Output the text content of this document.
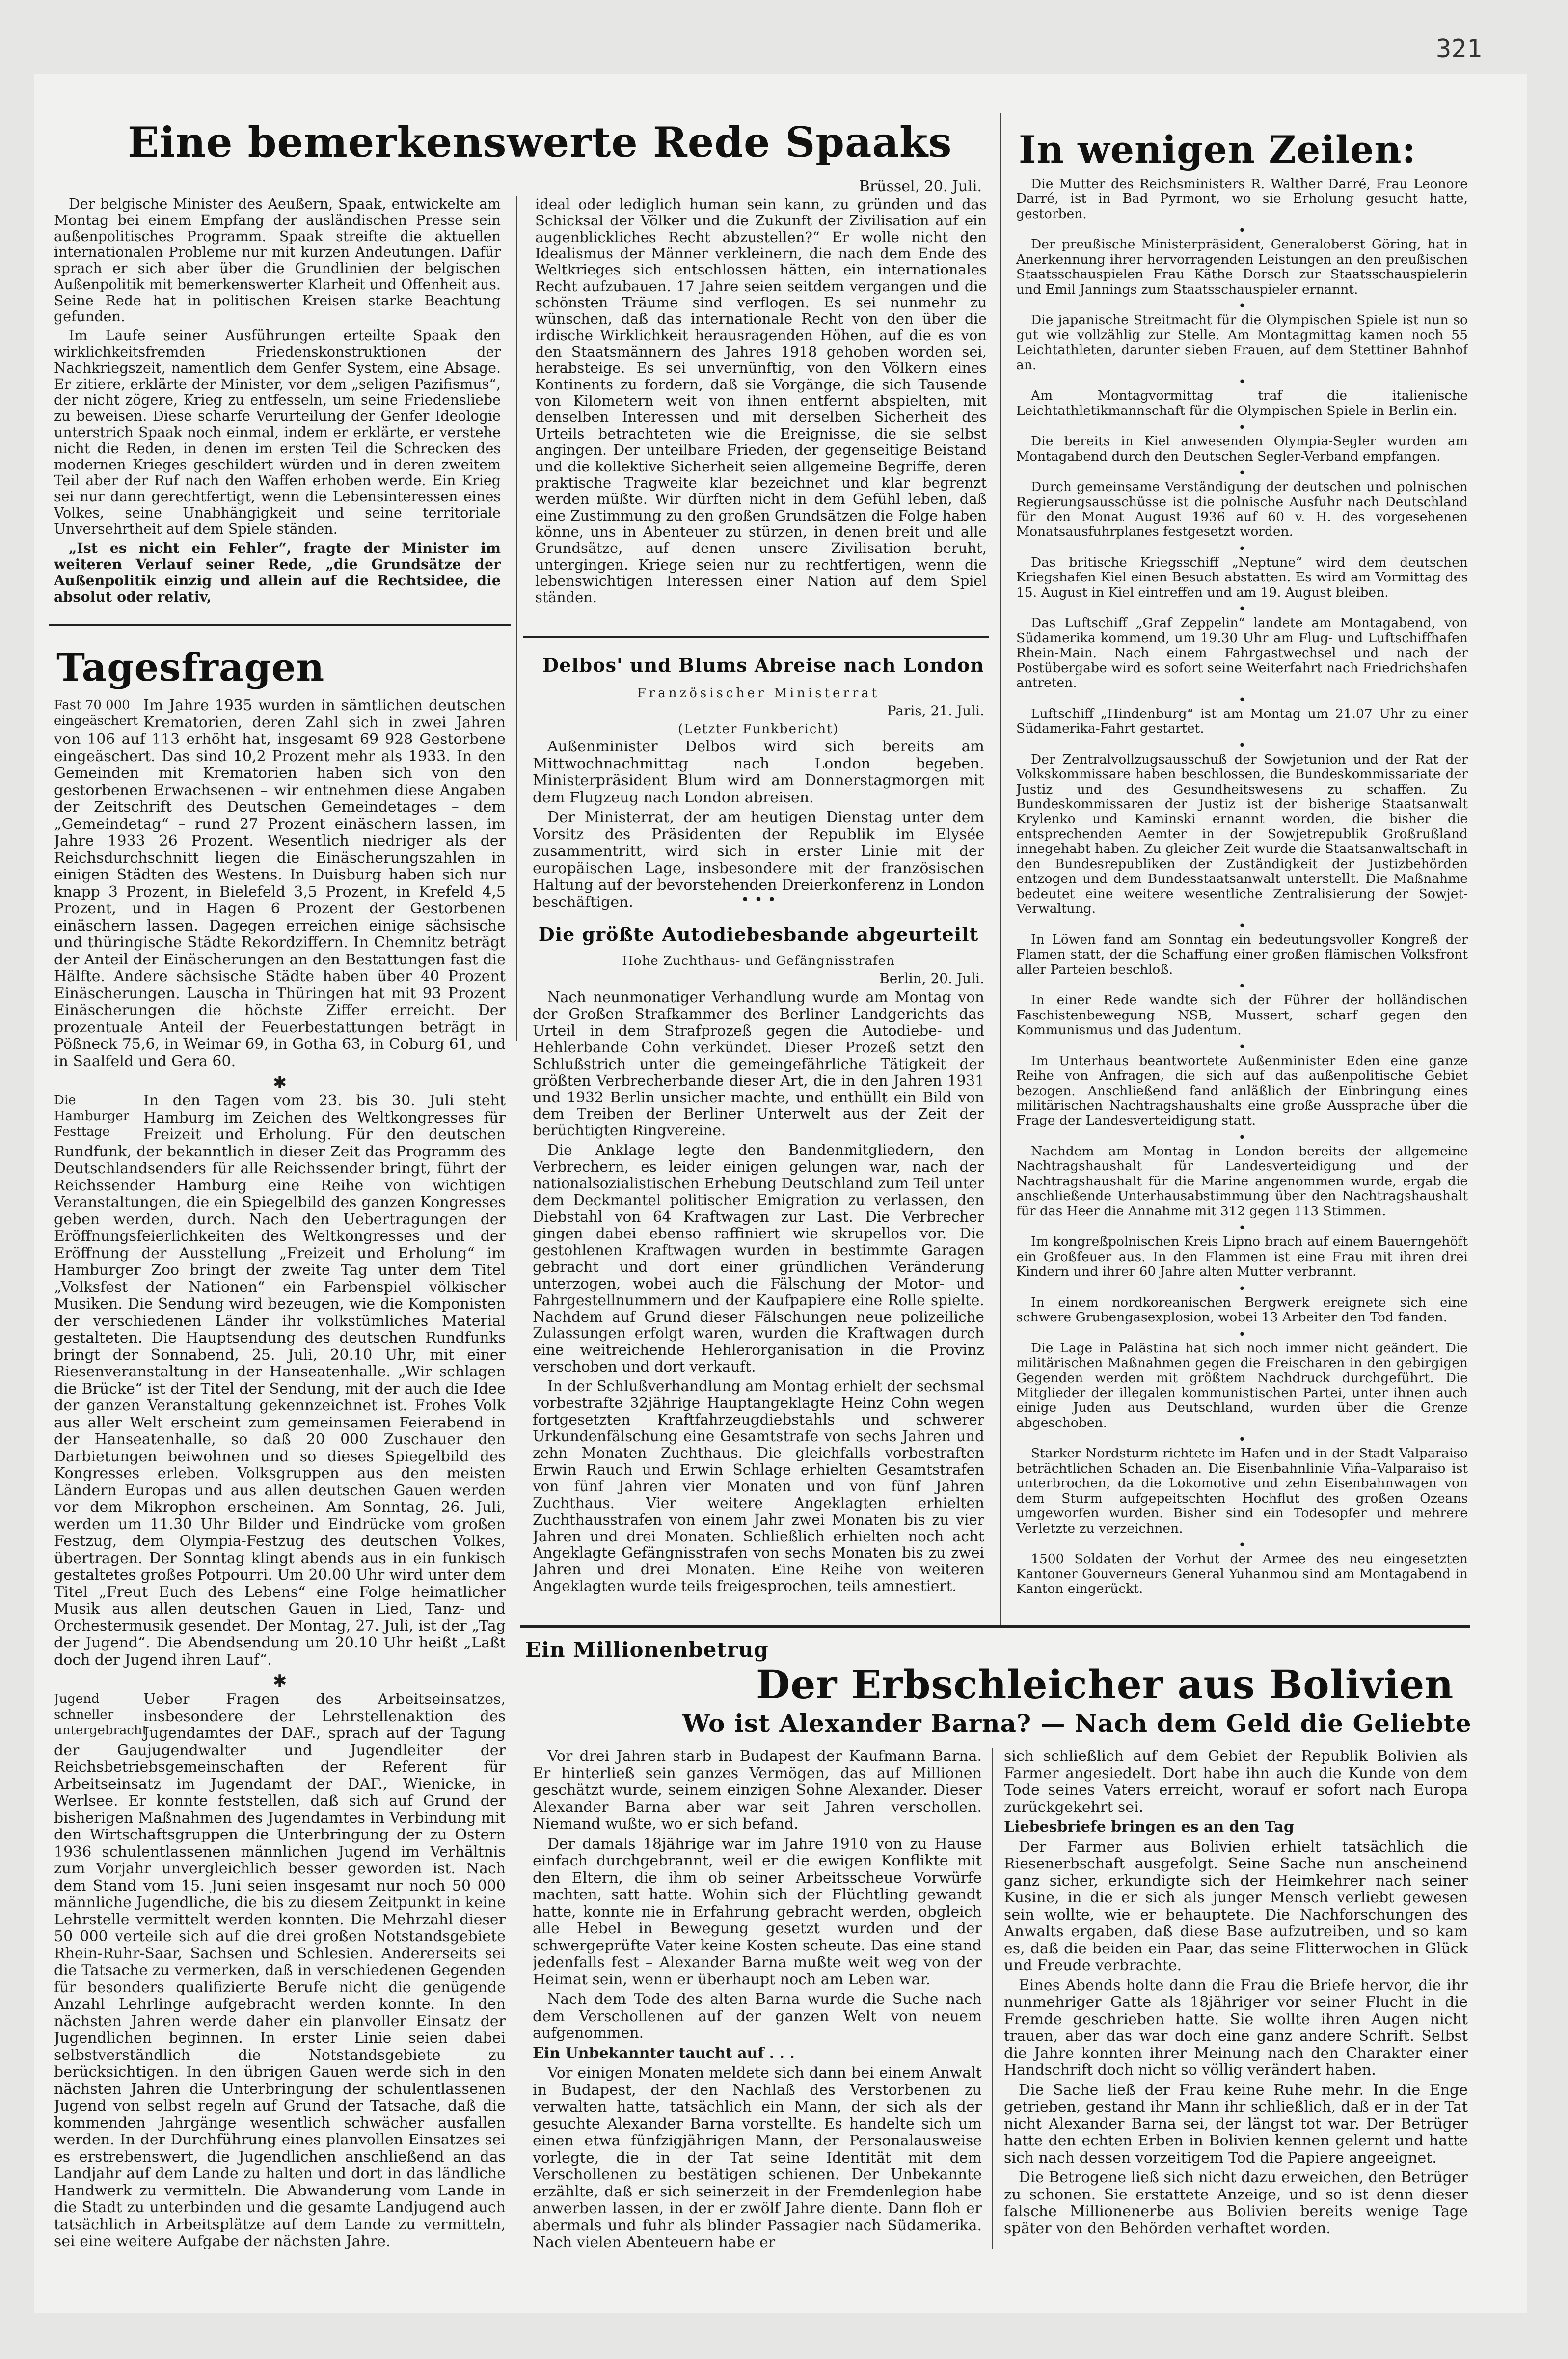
321
Eine bemerkenswerte Rede Spaaks
Brüssel, 20. Juli.

Der belgische Minister des Aeußern, Spaak, entwickelte am Montag bei einem Empfang der ausländischen Presse sein außenpolitisches Programm. Spaak streifte die aktuellen internationalen Probleme nur mit kurzen Andeutungen. Dafür sprach er sich aber über die Grundlinien der belgischen Außenpolitik mit bemerkenswerter Klarheit und Offenheit aus. Seine Rede hat in politischen Kreisen starke Beachtung gefunden.

Im Laufe seiner Ausführungen erteilte Spaak den wirklichkeitsfremden Friedenskonstruktionen der Nachkriegszeit, namentlich dem Genfer System, eine Absage. Er zitiere, erklärte der Minister, vor dem „seligen Pazifismus“, der nicht zögere, Krieg zu entfesseln, um seine Friedensliebe zu beweisen. Diese scharfe Verurteilung der Genfer Ideologie unterstrich Spaak noch einmal, indem er erklärte, er verstehe nicht die Reden, in denen im ersten Teil die Schrecken des modernen Krieges geschildert würden und in deren zweitem Teil aber der Ruf nach den Waffen erhoben werde. Ein Krieg sei nur dann gerechtfertigt, wenn die Lebensinteressen eines Volkes, seine Unabhängigkeit und seine territoriale Unversehrtheit auf dem Spiele ständen.

„Ist es nicht ein Fehler“, fragte der Minister im weiteren Verlauf seiner Rede, „die Grundsätze der Außenpolitik einzig und allein auf die Rechtsidee, die absolut oder relativ,

ideal oder lediglich human sein kann, zu gründen und das Schicksal der Völker und die Zukunft der Zivilisation auf ein augenblickliches Recht abzustellen?“ Er wolle nicht den Idealismus der Männer verkleinern, die nach dem Ende des Weltkrieges sich entschlossen hätten, ein internationales Recht aufzubauen. 17 Jahre seien seitdem vergangen und die schönsten Träume sind verflogen. Es sei nunmehr zu wünschen, daß das internationale Recht von den über die irdische Wirklichkeit herausragenden Höhen, auf die es von den Staatsmännern des Jahres 1918 gehoben worden sei, herabsteige. Es sei unvernünftig, von den Völkern eines Kontinents zu fordern, daß sie Vorgänge, die sich Tausende von Kilometern weit von ihnen entfernt abspielten, mit denselben Interessen und mit derselben Sicherheit des Urteils betrachteten wie die Ereignisse, die sie selbst angingen. Der unteilbare Frieden, der gegenseitige Beistand und die kollektive Sicherheit seien allgemeine Begriffe, deren praktische Tragweite klar bezeichnet und klar begrenzt werden müßte. Wir dürften nicht in dem Gefühl leben, daß eine Zustimmung zu den großen Grundsätzen die Folge haben könne, uns in Abenteuer zu stürzen, in denen breit und alle Grundsätze, auf denen unsere Zivilisation beruht, untergingen. Kriege seien nur zu rechtfertigen, wenn die lebenswichtigen Interessen einer Nation auf dem Spiel ständen.

In wenigen Zeilen:

Die Mutter des Reichsministers R. Walther Darré, Frau Leonore Darré, ist in Bad Pyrmont, wo sie Erholung gesucht hatte, gestorben.

•

Der preußische Ministerpräsident, Generaloberst Göring, hat in Anerkennung ihrer hervorragenden Leistungen an den preußischen Staatsschauspielen Frau Käthe Dorsch zur Staatsschauspielerin und Emil Jannings zum Staatsschauspieler ernannt.

•

Die japanische Streitmacht für die Olympischen Spiele ist nun so gut wie vollzählig zur Stelle. Am Montagmittag kamen noch 55 Leichtathleten, darunter sieben Frauen, auf dem Stettiner Bahnhof an.

•

Am Montagvormittag traf die italienische Leichtathletikmannschaft für die Olympischen Spiele in Berlin ein.

•

Die bereits in Kiel anwesenden Olympia-Segler wurden am Montagabend durch den Deutschen Segler-Verband empfangen.

•

Durch gemeinsame Verständigung der deutschen und polnischen Regierungsausschüsse ist die polnische Ausfuhr nach Deutschland für den Monat August 1936 auf 60 v. H. des vorgesehenen Monatsausfuhrplanes festgesetzt worden.

•

Das britische Kriegsschiff „Neptune“ wird dem deutschen Kriegshafen Kiel einen Besuch abstatten. Es wird am Vormittag des 15. August in Kiel eintreffen und am 19. August bleiben.

•

Das Luftschiff „Graf Zeppelin“ landete am Montagabend, von Südamerika kommend, um 19.30 Uhr am Flug- und Luftschiffhafen Rhein-Main. Nach einem Fahrgastwechsel und nach der Postübergabe wird es sofort seine Weiterfahrt nach Friedrichshafen antreten.

•

Luftschiff „Hindenburg“ ist am Montag um 21.07 Uhr zu einer Südamerika-Fahrt gestartet.

•

Der Zentralvollzugsausschuß der Sowjetunion und der Rat der Volkskommissare haben beschlossen, die Bundeskommissariate der Justiz und des Gesundheitswesens zu schaffen. Zu Bundeskommissaren der Justiz ist der bisherige Staatsanwalt Krylenko und Kaminski ernannt worden, die bisher die entsprechenden Aemter in der Sowjetrepublik Großrußland innegehabt haben. Zu gleicher Zeit wurde die Staatsanwaltschaft in den Bundesrepubliken der Zuständigkeit der Justizbehörden entzogen und dem Bundesstaatsanwalt unterstellt. Die Maßnahme bedeutet eine weitere wesentliche Zentralisierung der Sowjet-Verwaltung.

•

In Löwen fand am Sonntag ein bedeutungsvoller Kongreß der Flamen statt, der die Schaffung einer großen flämischen Volksfront aller Parteien beschloß.

•

In einer Rede wandte sich der Führer der holländischen Faschistenbewegung NSB, Mussert, scharf gegen den Kommunismus und das Judentum.

•

Im Unterhaus beantwortete Außenminister Eden eine ganze Reihe von Anfragen, die sich auf das außenpolitische Gebiet bezogen. Anschließend fand anläßlich der Einbringung eines militärischen Nachtragshaushalts eine große Aussprache über die Frage der Landesverteidigung statt.

•

Nachdem am Montag in London bereits der allgemeine Nachtragshaushalt für Landesverteidigung und der Nachtragshaushalt für die Marine angenommen wurde, ergab die anschließende Unterhausabstimmung über den Nachtragshaushalt für das Heer die Annahme mit 312 gegen 113 Stimmen.

•

Im kongreßpolnischen Kreis Lipno brach auf einem Bauerngehöft ein Großfeuer aus. In den Flammen ist eine Frau mit ihren drei Kindern und ihrer 60 Jahre alten Mutter verbrannt.

•

In einem nordkoreanischen Bergwerk ereignete sich eine schwere Grubengasexplosion, wobei 13 Arbeiter den Tod fanden.

•

Die Lage in Palästina hat sich noch immer nicht geändert. Die militärischen Maßnahmen gegen die Freischaren in den gebirgigen Gegenden werden mit größtem Nachdruck durchgeführt. Die Mitglieder der illegalen kommunistischen Partei, unter ihnen auch einige Juden aus Deutschland, wurden über die Grenze abgeschoben.

•

Starker Nordsturm richtete im Hafen und in der Stadt Valparaiso beträchtlichen Schaden an. Die Eisenbahnlinie Viña–Valparaiso ist unterbrochen, da die Lokomotive und zehn Eisenbahnwagen von dem Sturm aufgepeitschten Hochflut des großen Ozeans umgeworfen wurden. Bisher sind ein Todesopfer und mehrere Verletzte zu verzeichnen.

•

1500 Soldaten der Vorhut der Armee des neu eingesetzten Kantoner Gouverneurs General Yuhanmou sind am Montagabend in Kanton eingerückt.

Tagesfragen
Fast 70 000 eingeäschert

Im Jahre 1935 wurden in sämtlichen deutschen Krematorien, deren Zahl sich in zwei Jahren von 106 auf 113 erhöht hat, insgesamt 69 928 Gestorbene eingeäschert. Das sind 10,2 Prozent mehr als 1933. In den Gemeinden mit Krematorien haben sich von den gestorbenen Erwachsenen – wir entnehmen diese Angaben der Zeitschrift des Deutschen Gemeindetages – dem „Gemeindetag“ – rund 27 Prozent einäschern lassen, im Jahre 1933 26 Prozent. Wesentlich niedriger als der Reichsdurchschnitt liegen die Einäscherungszahlen in einigen Städten des Westens. In Duisburg haben sich nur knapp 3 Prozent, in Bielefeld 3,5 Prozent, in Krefeld 4,5 Prozent, und in Hagen 6 Prozent der Gestorbenen einäschern lassen. Dagegen erreichen einige sächsische und thüringische Städte Rekordziffern. In Chemnitz beträgt der Anteil der Einäscherungen an den Bestattungen fast die Hälfte. Andere sächsische Städte haben über 40 Prozent Einäscherungen. Lauscha in Thüringen hat mit 93 Prozent Einäscherungen die höchste Ziffer erreicht. Der prozentuale Anteil der Feuerbestattungen beträgt in Pößneck 75,6, in Weimar 69, in Gotha 63, in Coburg 61, und in Saalfeld und Gera 60.

✱
Die Hamburger Festtage

In den Tagen vom 23. bis 30. Juli steht Hamburg im Zeichen des Weltkongresses für Freizeit und Erholung. Für den deutschen Rundfunk, der bekanntlich in dieser Zeit das Programm des Deutschlandsenders für alle Reichssender bringt, führt der Reichssender Hamburg eine Reihe von wichtigen Veranstaltungen, die ein Spiegelbild des ganzen Kongresses geben werden, durch. Nach den Uebertragungen der Eröffnungsfeierlichkeiten des Weltkongresses und der Eröffnung der Ausstellung „Freizeit und Erholung“ im Hamburger Zoo bringt der zweite Tag unter dem Titel „Volksfest der Nationen“ ein Farbenspiel völkischer Musiken. Die Sendung wird bezeugen, wie die Komponisten der verschiedenen Länder ihr volkstümliches Material gestalteten. Die Hauptsendung des deutschen Rundfunks bringt der Sonnabend, 25. Juli, 20.10 Uhr, mit einer Riesenveranstaltung in der Hanseatenhalle. „Wir schlagen die Brücke“ ist der Titel der Sendung, mit der auch die Idee der ganzen Veranstaltung gekennzeichnet ist. Frohes Volk aus aller Welt erscheint zum gemeinsamen Feierabend in der Hanseatenhalle, so daß 20 000 Zuschauer den Darbietungen beiwohnen und so dieses Spiegelbild des Kongresses erleben. Volksgruppen aus den meisten Ländern Europas und aus allen deutschen Gauen werden vor dem Mikrophon erscheinen. Am Sonntag, 26. Juli, werden um 11.30 Uhr Bilder und Eindrücke vom großen Festzug, dem Olympia-Festzug des deutschen Volkes, übertragen. Der Sonntag klingt abends aus in ein funkisch gestaltetes großes Potpourri. Um 20.00 Uhr wird unter dem Titel „Freut Euch des Lebens“ eine Folge heimatlicher Musik aus allen deutschen Gauen in Lied, Tanz- und Orchestermusik gesendet. Der Montag, 27. Juli, ist der „Tag der Jugend“. Die Abendsendung um 20.10 Uhr heißt „Laßt doch der Jugend ihren Lauf“.

✱
Jugend schneller untergebracht

Ueber Fragen des Arbeitseinsatzes, insbesondere der Lehrstellenaktion des Jugendamtes der DAF., sprach auf der Tagung der Gaujugendwalter und Jugendleiter der Reichsbetriebsgemeinschaften der Referent für Arbeitseinsatz im Jugendamt der DAF., Wienicke, in Werlsee. Er konnte feststellen, daß sich auf Grund der bisherigen Maßnahmen des Jugendamtes in Verbindung mit den Wirtschaftsgruppen die Unterbringung der zu Ostern 1936 schulentlassenen männlichen Jugend im Verhältnis zum Vorjahr unvergleichlich besser geworden ist. Nach dem Stand vom 15. Juni seien insgesamt nur noch 50 000 männliche Jugendliche, die bis zu diesem Zeitpunkt in keine Lehrstelle vermittelt werden konnten. Die Mehrzahl dieser 50 000 verteile sich auf die drei großen Notstandsgebiete Rhein-Ruhr-Saar, Sachsen und Schlesien. Andererseits sei die Tatsache zu vermerken, daß in verschiedenen Gegenden für besonders qualifizierte Berufe nicht die genügende Anzahl Lehrlinge aufgebracht werden konnte. In den nächsten Jahren werde daher ein planvoller Einsatz der Jugendlichen beginnen. In erster Linie seien dabei selbstverständlich die Notstandsgebiete zu berücksichtigen. In den übrigen Gauen werde sich in den nächsten Jahren die Unterbringung der schulentlassenen Jugend von selbst regeln auf Grund der Tatsache, daß die kommenden Jahrgänge wesentlich schwächer ausfallen werden. In der Durchführung eines planvollen Einsatzes sei es erstrebenswert, die Jugendlichen anschließend an das Landjahr auf dem Lande zu halten und dort in das ländliche Handwerk zu vermitteln. Die Abwanderung vom Lande in die Stadt zu unterbinden und die gesamte Landjugend auch tatsächlich in Arbeitsplätze auf dem Lande zu vermitteln, sei eine weitere Aufgabe der nächsten Jahre.

Delbos' und Blums Abreise nach London
Französischer Ministerrat
Paris, 21. Juli.
(Letzter Funkbericht)

Außenminister Delbos wird sich bereits am Mittwochnachmittag nach London begeben. Ministerpräsident Blum wird am Donnerstagmorgen mit dem Flugzeug nach London abreisen.

Der Ministerrat, der am heutigen Dienstag unter dem Vorsitz des Präsidenten der Republik im Elysée zusammentritt, wird sich in erster Linie mit der europäischen Lage, insbesondere mit der französischen Haltung auf der bevorstehenden Dreierkonferenz in London beschäftigen.	• • •
Die größte Autodiebesbande abgeurteilt
Hohe Zuchthaus- und Gefängnisstrafen
Berlin, 20. Juli.

Nach neunmonatiger Verhandlung wurde am Montag von der Großen Strafkammer des Berliner Landgerichts das Urteil in dem Strafprozeß gegen die Autodiebe- und Hehlerbande Cohn verkündet. Dieser Prozeß setzt den Schlußstrich unter die gemeingefährliche Tätigkeit der größten Verbrecherbande dieser Art, die in den Jahren 1931 und 1932 Berlin unsicher machte, und enthüllt ein Bild von dem Treiben der Berliner Unterwelt aus der Zeit der berüchtigten Ringvereine.

Die Anklage legte den Bandenmitgliedern, den Verbrechern, es leider einigen gelungen war, nach der nationalsozialistischen Erhebung Deutschland zum Teil unter dem Deckmantel politischer Emigration zu verlassen, den Diebstahl von 64 Kraftwagen zur Last. Die Verbrecher gingen dabei ebenso raffiniert wie skrupellos vor. Die gestohlenen Kraftwagen wurden in bestimmte Garagen gebracht und dort einer gründlichen Veränderung unterzogen, wobei auch die Fälschung der Motor- und Fahrgestellnummern und der Kaufpapiere eine Rolle spielte. Nachdem auf Grund dieser Fälschungen neue polizeiliche Zulassungen erfolgt waren, wurden die Kraftwagen durch eine weitreichende Hehlerorganisation in die Provinz verschoben und dort verkauft.

In der Schlußverhandlung am Montag erhielt der sechsmal vorbestrafte 32jährige Hauptangeklagte Heinz Cohn wegen fortgesetzten Kraftfahrzeugdiebstahls und schwerer Urkundenfälschung eine Gesamtstrafe von sechs Jahren und zehn Monaten Zuchthaus. Die gleichfalls vorbestraften Erwin Rauch und Erwin Schlage erhielten Gesamtstrafen von fünf Jahren vier Monaten und von fünf Jahren Zuchthaus. Vier weitere Angeklagten erhielten Zuchthausstrafen von einem Jahr zwei Monaten bis zu vier Jahren und drei Monaten. Schließlich erhielten noch acht Angeklagte Gefängnisstrafen von sechs Monaten bis zu zwei Jahren und drei Monaten. Eine Reihe von weiteren Angeklagten wurde teils freigesprochen, teils amnestiert.

Ein Millionenbetrug
Der Erbschleicher aus Bolivien
Wo ist Alexander Barna? — Nach dem Geld die Geliebte

Vor drei Jahren starb in Budapest der Kaufmann Barna. Er hinterließ sein ganzes Vermögen, das auf Millionen geschätzt wurde, seinem einzigen Sohne Alexander. Dieser Alexander Barna aber war seit Jahren verschollen. Niemand wußte, wo er sich befand.

Der damals 18jährige war im Jahre 1910 von zu Hause einfach durchgebrannt, weil er die ewigen Konflikte mit den Eltern, die ihm ob seiner Arbeitsscheue Vorwürfe machten, satt hatte. Wohin sich der Flüchtling gewandt hatte, konnte nie in Erfahrung gebracht werden, obgleich alle Hebel in Bewegung gesetzt wurden und der schwergeprüfte Vater keine Kosten scheute. Das eine stand jedenfalls fest – Alexander Barna mußte weit weg von der Heimat sein, wenn er überhaupt noch am Leben war.

Nach dem Tode des alten Barna wurde die Suche nach dem Verschollenen auf der ganzen Welt von neuem aufgenommen.

Ein Unbekannter taucht auf . . .

Vor einigen Monaten meldete sich dann bei einem Anwalt in Budapest, der den Nachlaß des Verstorbenen zu verwalten hatte, tatsächlich ein Mann, der sich als der gesuchte Alexander Barna vorstellte. Es handelte sich um einen etwa fünfzigjährigen Mann, der Personalausweise vorlegte, die in der Tat seine Identität mit dem Verschollenen zu bestätigen schienen. Der Unbekannte erzählte, daß er sich seinerzeit in der Fremdenlegion habe anwerben lassen, in der er zwölf Jahre diente. Dann floh er abermals und fuhr als blinder Passagier nach Südamerika. Nach vielen Abenteuern habe er

sich schließlich auf dem Gebiet der Republik Bolivien als Farmer angesiedelt. Dort habe ihn auch die Kunde von dem Tode seines Vaters erreicht, worauf er sofort nach Europa zurückgekehrt sei.

Liebesbriefe bringen es an den Tag

Der Farmer aus Bolivien erhielt tatsächlich die Riesenerbschaft ausgefolgt. Seine Sache nun anscheinend ganz sicher, erkundigte sich der Heimkehrer nach seiner Kusine, in die er sich als junger Mensch verliebt gewesen sein wollte, wie er behauptete. Die Nachforschungen des Anwalts ergaben, daß diese Base aufzutreiben, und so kam es, daß die beiden ein Paar, das seine Flitterwochen in Glück und Freude verbrachte.

Eines Abends holte dann die Frau die Briefe hervor, die ihr nunmehriger Gatte als 18jähriger vor seiner Flucht in die Fremde geschrieben hatte. Sie wollte ihren Augen nicht trauen, aber das war doch eine ganz andere Schrift. Selbst die Jahre konnten ihrer Meinung nach den Charakter einer Handschrift doch nicht so völlig verändert haben.

Die Sache ließ der Frau keine Ruhe mehr. In die Enge getrieben, gestand ihr Mann ihr schließlich, daß er in der Tat nicht Alexander Barna sei, der längst tot war. Der Betrüger hatte den echten Erben in Bolivien kennen gelernt und hatte sich nach dessen vorzeitigem Tod die Papiere angeeignet.

Die Betrogene ließ sich nicht dazu erweichen, den Betrüger zu schonen. Sie erstattete Anzeige, und so ist denn dieser falsche Millionenerbe aus Bolivien bereits wenige Tage später von den Behörden verhaftet worden.
